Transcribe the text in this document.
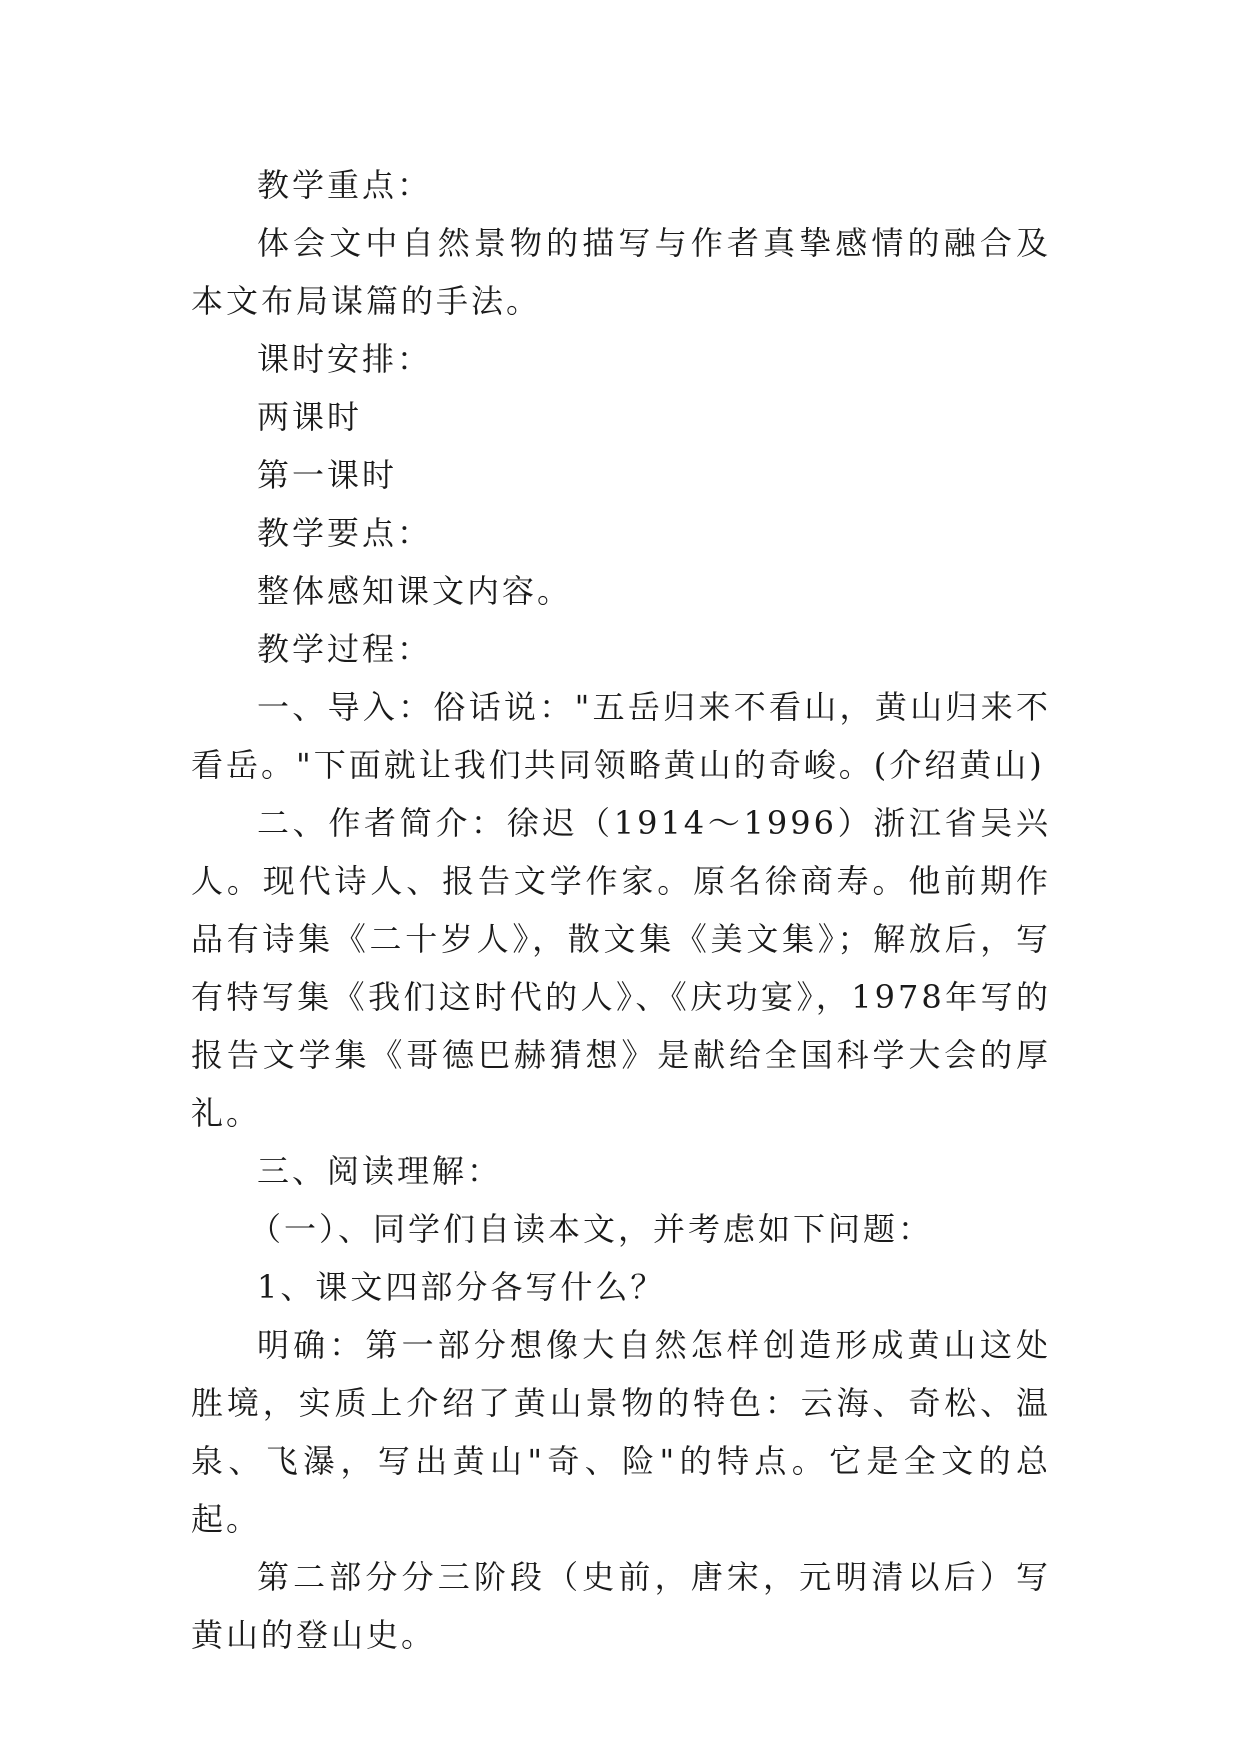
教学重点：

体会文中自然景物的描写与作者真挚感情的融合及本文布局谋篇的手法。

课时安排：

两课时

第一课时

教学要点：

整体感知课文内容。

教学过程：

一、导入：俗话说："五岳归来不看山，黄山归来不看岳。"下面就让我们共同领略黄山的奇峻。(介绍黄山)

二、作者简介：徐迟（1914～1996）浙江省吴兴人。现代诗人、报告文学作家。原名徐商寿。他前期作品有诗集《二十岁人》，散文集《美文集》；解放后，写有特写集《我们这时代的人》、《庆功宴》，1978年写的报告文学集《哥德巴赫猜想》是献给全国科学大会的厚礼。

三、阅读理解：

（一）、同学们自读本文，并考虑如下问题：

1、课文四部分各写什么？

明确：第一部分想像大自然怎样创造形成黄山这处胜境，实质上介绍了黄山景物的特色：云海、奇松、温泉、飞瀑，写出黄山"奇、险"的特点。它是全文的总起。

第二部分分三阶段（史前，唐宋，元明清以后）写黄山的登山史。
